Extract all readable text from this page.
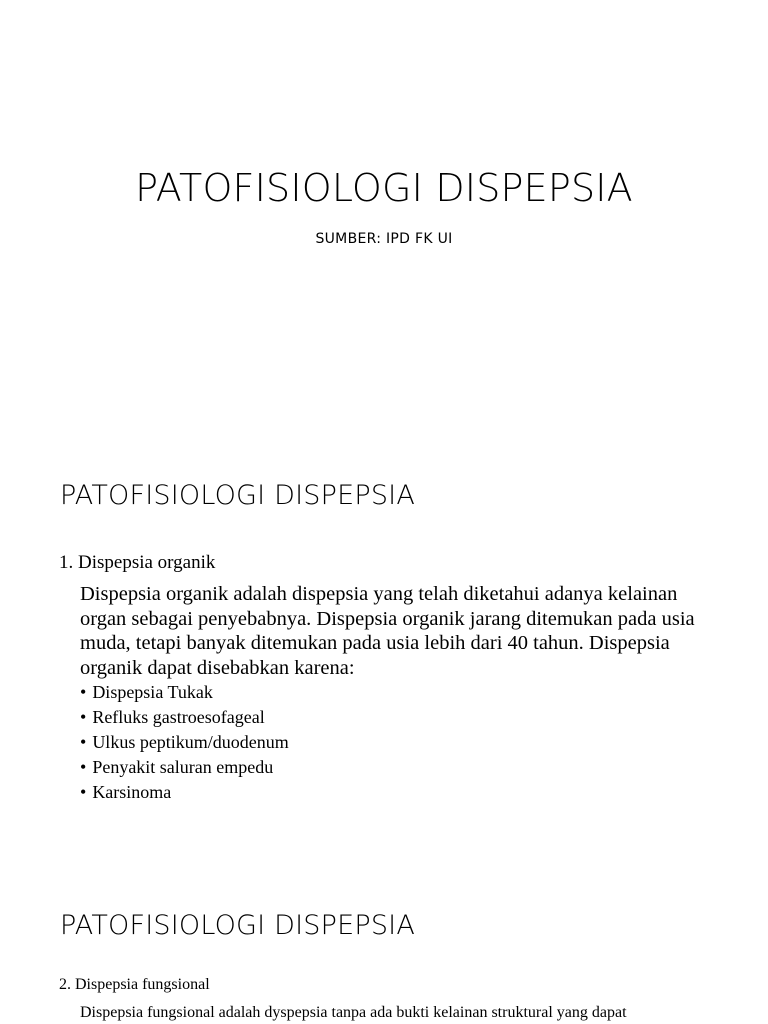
PATOFISIOLOGI DISPEPSIA
SUMBER: IPD FK UI
PATOFISIOLOGI DISPEPSIA
1. Dispepsia organik
Dispepsia organik adalah dispepsia yang telah diketahui adanya kelainan organ sebagai penyebabnya. Dispepsia organik jarang ditemukan pada usia muda, tetapi banyak ditemukan pada usia lebih dari 40 tahun. Dispepsia organik dapat disebabkan karena:
• Dispepsia Tukak
• Refluks gastroesofageal
• Ulkus peptikum/duodenum
• Penyakit saluran empedu
• Karsinoma
PATOFISIOLOGI DISPEPSIA
2. Dispepsia fungsional
Dispepsia fungsional adalah dyspepsia tanpa ada bukti kelainan struktural yang dapat
